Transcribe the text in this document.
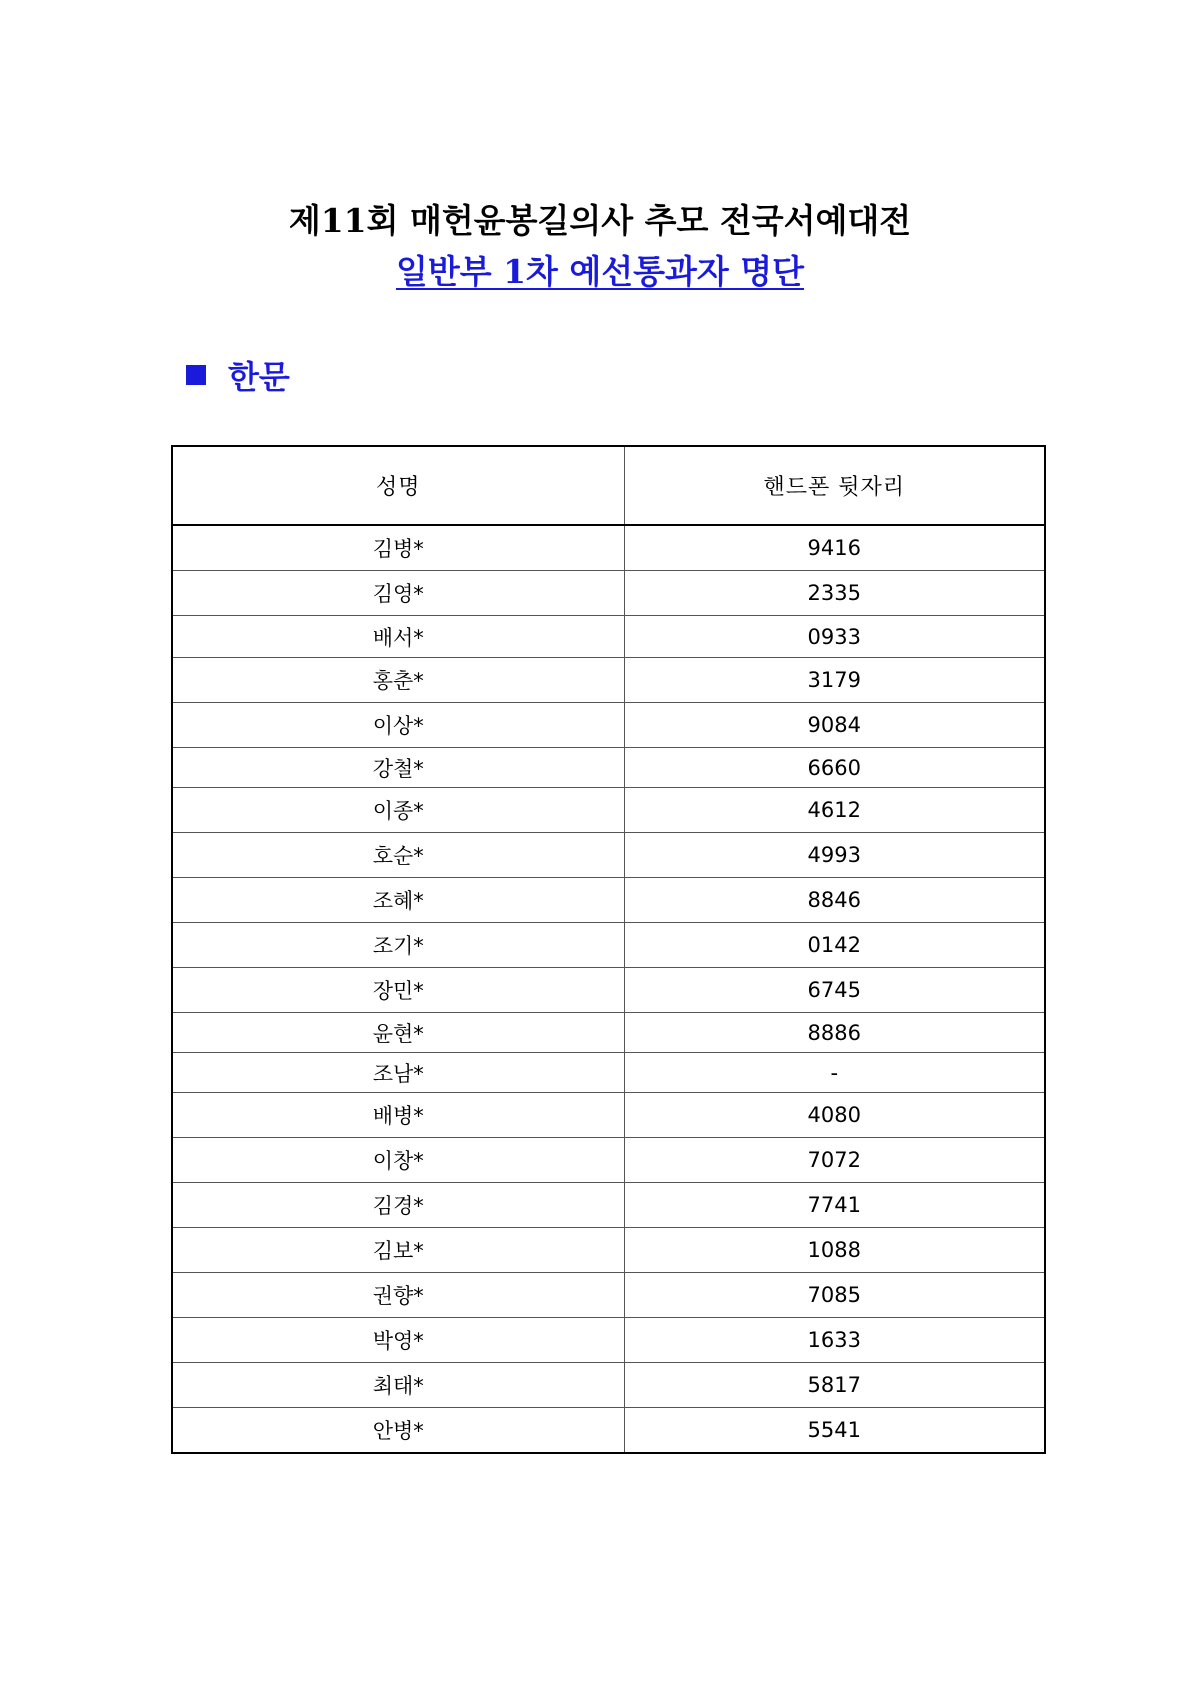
제11회 매헌윤봉길의사 추모 전국서예대전
일반부 1차 예선통과자 명단
한문
성명	핸드폰 뒷자리
김병*	9416
김영*	2335
배서*	0933
홍춘*	3179
이상*	9084
강철*	6660
이종*	4612
호순*	4993
조혜*	8846
조기*	0142
장민*	6745
윤현*	8886
조남*	-
배병*	4080
이창*	7072
김경*	7741
김보*	1088
권향*	7085
박영*	1633
최태*	5817
안병*	5541
